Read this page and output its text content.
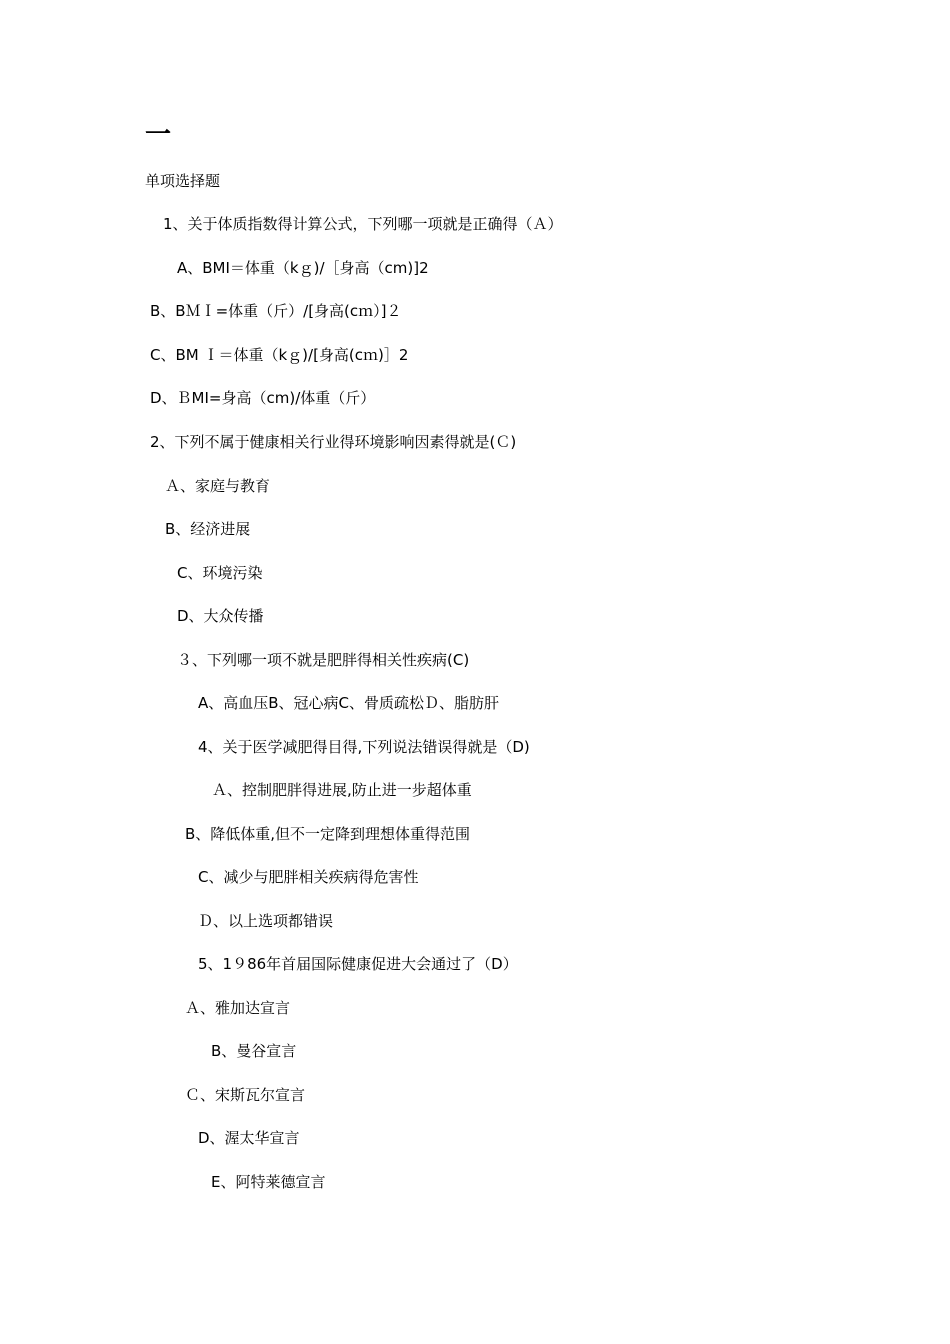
一
单项选择题
1、关于体质指数得计算公式，下列哪一项就是正确得（Ａ）
A、BMI＝体重（kｇ)/［身高（cm)]2
B、BＭＩ=体重（斤）/[身高(cｍ）]２
C、BM Ｉ＝体重（kｇ)/[身高(cｍ)］2
D、ＢMI=身高（cm)/体重（斤）
2、下列不属于健康相关行业得环境影响因素得就是(Ｃ)
Ａ、家庭与教育
B、经济进展
C、环境污染
D、大众传播
３、下列哪一项不就是肥胖得相关性疾病(C)
A、高血压B、冠心病C、骨质疏松Ｄ、脂肪肝
4、关于医学减肥得目得,下列说法错误得就是（D)
Ａ、控制肥胖得进展,防止进一步超体重
B、降低体重,但不一定降到理想体重得范围
C、减少与肥胖相关疾病得危害性
Ｄ、以上选项都错误
5、1９86年首届国际健康促进大会通过了（D）
Ａ、雅加达宣言
B、曼谷宣言
Ｃ、宋斯瓦尔宣言
D、渥太华宣言
E、阿特莱德宣言
